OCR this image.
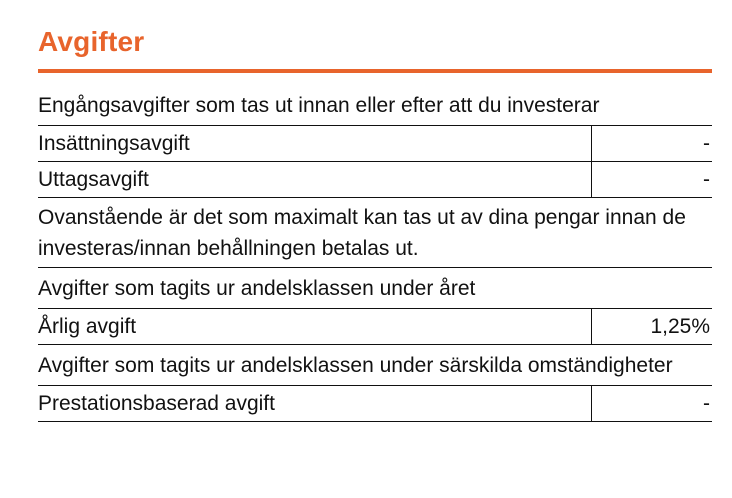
Avgifter
Engångsavgifter som tas ut innan eller efter att du investerar
Insättningsavgift	-
Uttagsavgift	-
Ovanstående är det som maximalt kan tas ut av dina pengar innan de investeras/innan behållningen betalas ut.
Avgifter som tagits ur andelsklassen under året
Årlig avgift	1,25%
Avgifter som tagits ur andelsklassen under särskilda omständigheter
Prestationsbaserad avgift	-
